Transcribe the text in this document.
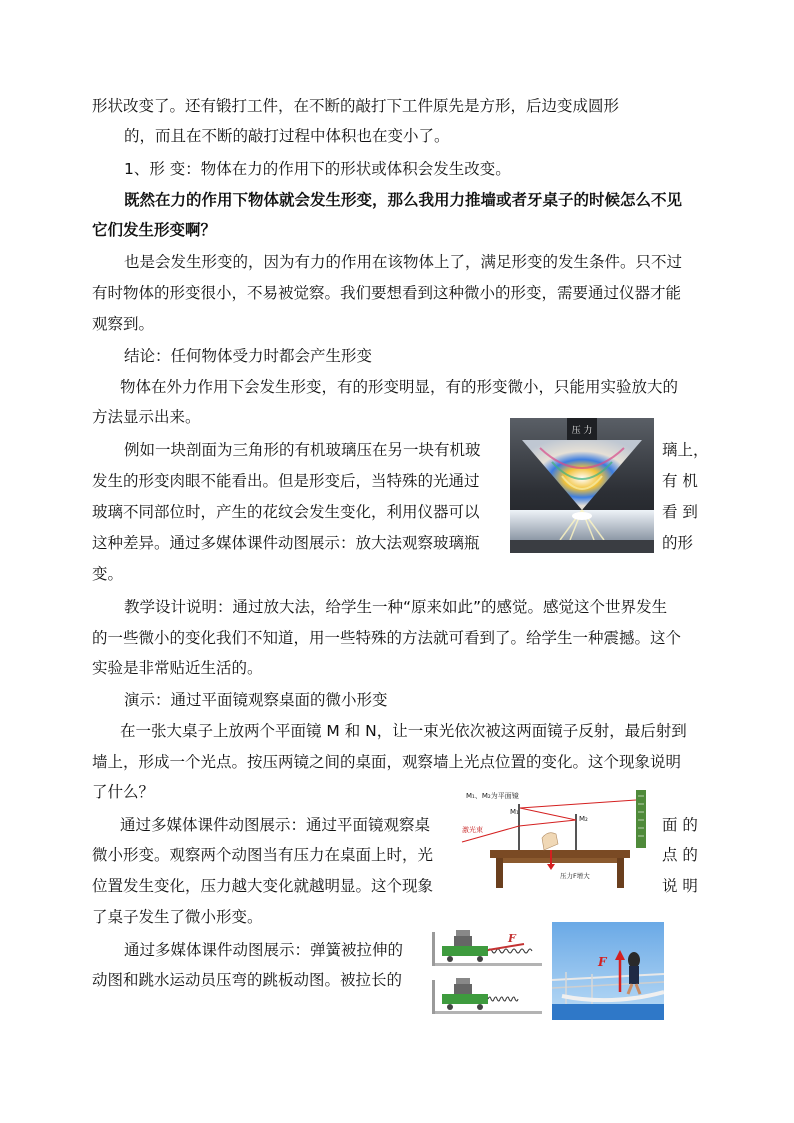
形状改变了。还有锻打工件，在不断的敲打下工件原先是方形，后边变成圆形
的，而且在不断的敲打过程中体积也在变小了。
1、形 变：物体在力的作用下的形状或体积会发生改变。
既然在力的作用下物体就会发生形变，那么我用力推墙或者牙桌子的时候怎么不见
它们发生形变啊？
也是会发生形变的，因为有力的作用在该物体上了，满足形变的发生条件。只不过
有时物体的形变很小，不易被觉察。我们要想看到这种微小的形变，需要通过仪器才能
观察到。
结论：任何物体受力时都会产生形变
物体在外力作用下会发生形变，有的形变明显，有的形变微小，只能用实验放大的
方法显示出来。
例如一块剖面为三角形的有机玻璃压在另一块有机玻	璃上，
发生的形变肉眼不能看出。但是形变后，当特殊的光通过	有 机
玻璃不同部位时，产生的花纹会发生变化，利用仪器可以	看 到
这种差异。通过多媒体课件动图展示：放大法观察玻璃瓶	的形
变。
教学设计说明：通过放大法，给学生一种“原来如此”的感觉。感觉这个世界发生
的一些微小的变化我们不知道，用一些特殊的方法就可看到了。给学生一种震撼。这个
实验是非常贴近生活的。
演示：通过平面镜观察桌面的微小形变
在一张大桌子上放两个平面镜 M 和 N，让一束光依次被这两面镜子反射，最后射到
墙上，形成一个光点。按压两镜之间的桌面，观察墙上光点位置的变化。这个现象说明
了什么？
通过多媒体课件动图展示：通过平面镜观察桌	面 的
微小形变。观察两个动图当有压力在桌面上时，光	点 的
位置发生变化，压力越大变化就越明显。这个现象	说 明
了桌子发生了微小形变。
通过多媒体课件动图展示：弹簧被拉伸的
动图和跳水运动员压弯的跳板动图。被拉长的
压 力
M₁、M₂为平面镜
M₁
M₂
激光束
压力F增大
F
F
